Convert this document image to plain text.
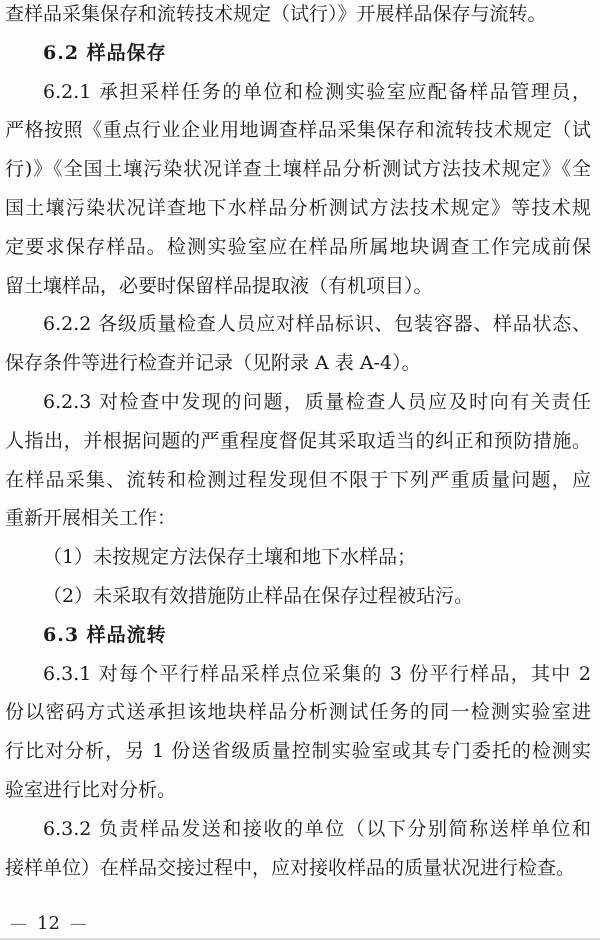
查样品采集保存和流转技术规定（试行）》开展样品保存与流转。
6.2 样品保存
6.2.1 承担采样任务的单位和检测实验室应配备样品管理员，
严格按照《重点行业企业用地调查样品采集保存和流转技术规定（试
行)》《全国土壤污染状况详查土壤样品分析测试方法技术规定》《全
国土壤污染状况详查地下水样品分析测试方法技术规定》等技术规
定要求保存样品。检测实验室应在样品所属地块调查工作完成前保
留土壤样品，必要时保留样品提取液（有机项目）。
6.2.2 各级质量检查人员应对样品标识、包装容器、样品状态、
保存条件等进行检查并记录（见附录 A 表 A-4）。
6.2.3 对检查中发现的问题，质量检查人员应及时向有关责任
人指出，并根据问题的严重程度督促其采取适当的纠正和预防措施。
在样品采集、流转和检测过程发现但不限于下列严重质量问题，应
重新开展相关工作：
（1）未按规定方法保存土壤和地下水样品；
（2）未采取有效措施防止样品在保存过程被玷污。
6.3 样品流转
6.3.1 对每个平行样品采样点位采集的 3 份平行样品，其中 2
份以密码方式送承担该地块样品分析测试任务的同一检测实验室进
行比对分析，另 1 份送省级质量控制实验室或其专门委托的检测实
验室进行比对分析。
6.3.2 负责样品发送和接收的单位（以下分别简称送样单位和
接样单位）在样品交接过程中，应对接收样品的质量状况进行检查。
— 12 —
